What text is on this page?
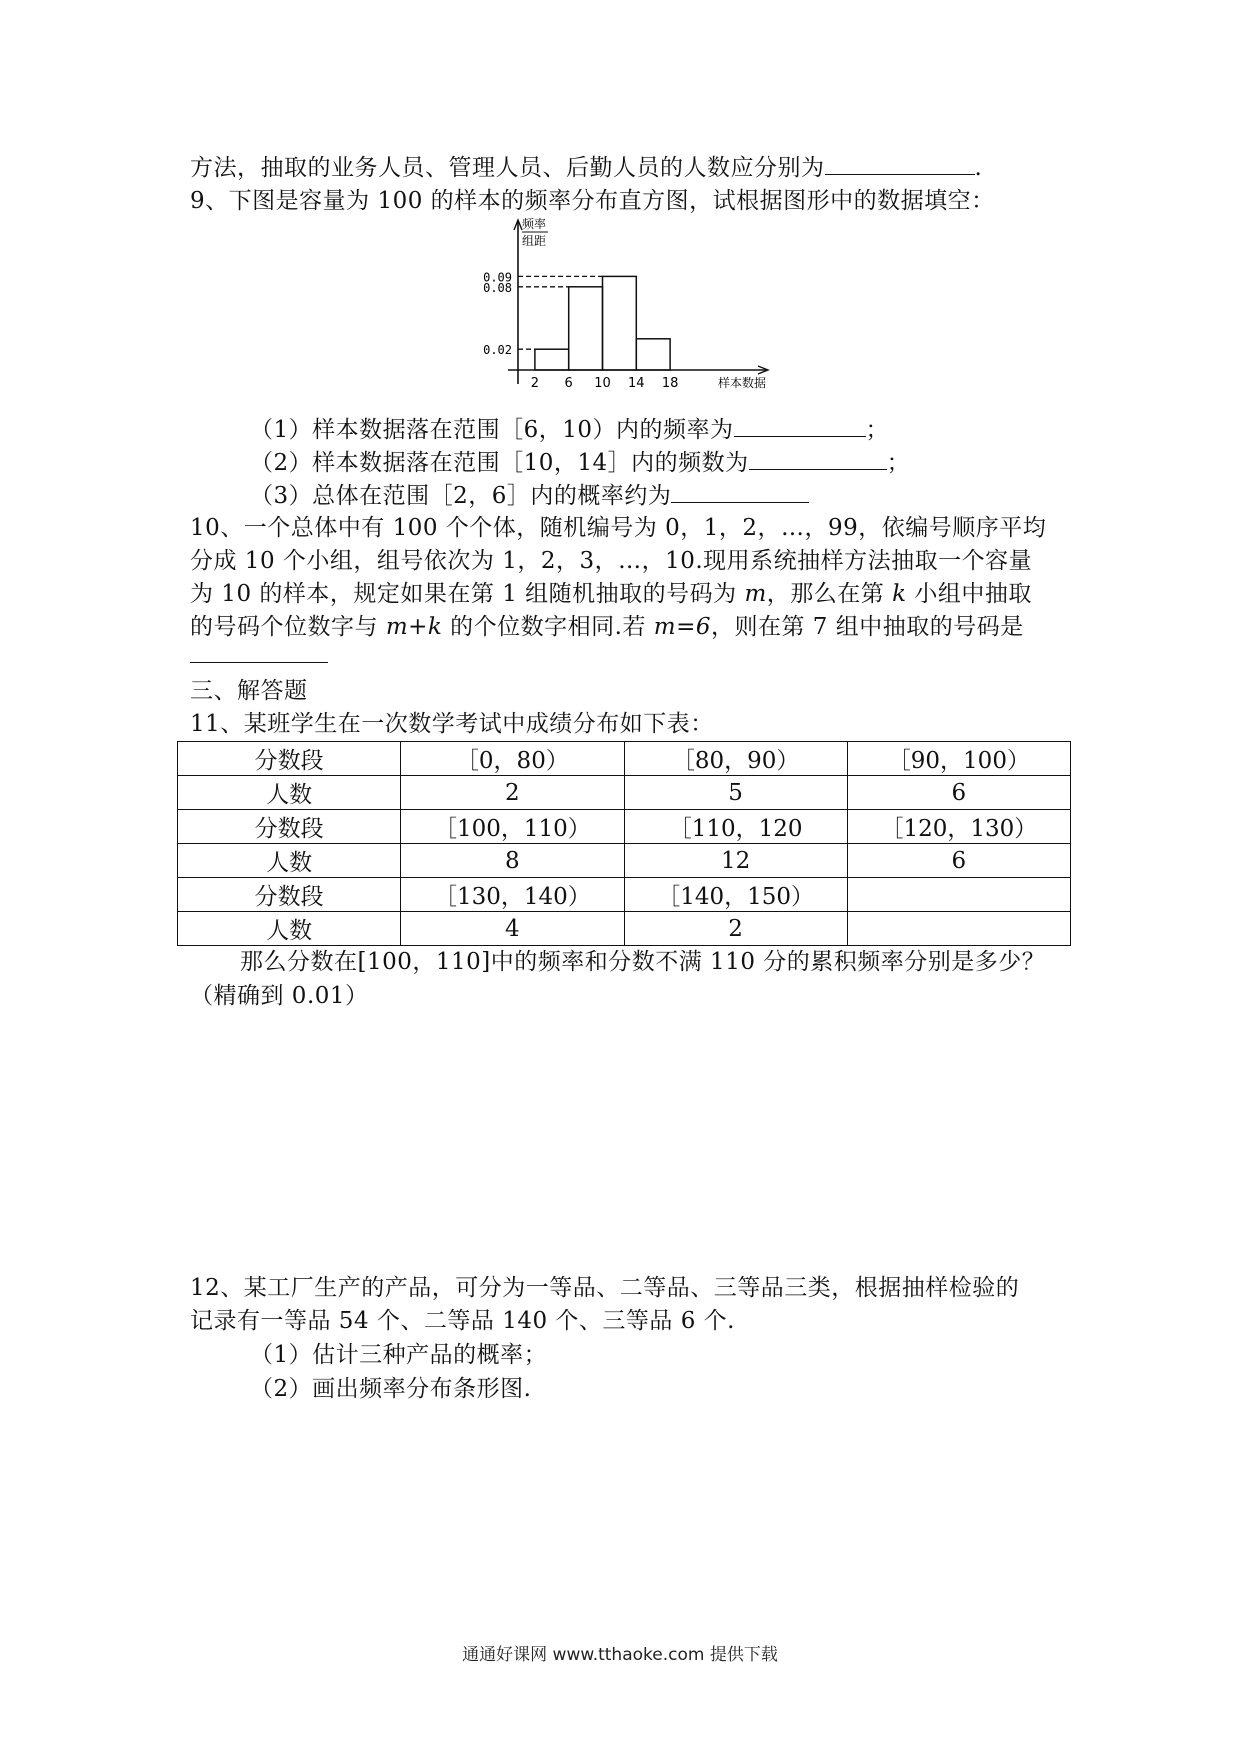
方法，抽取的业务人员、管理人员、后勤人员的人数应分别为	.
9、下图是容量为 100 的样本的频率分布直方图，试根据图形中的数据填空：
0.09
0.08
0.02
2 6 10 14 18
频率
组距
样本数据
（1）样本数据落在范围［6，10）内的频率为	；
（2）样本数据落在范围［10，14］内的频数为	；
（3）总体在范围［2，6］内的概率约为
10、一个总体中有 100 个个体，随机编号为 0，1，2，…，99，依编号顺序平均
分成 10 个小组，组号依次为 1，2，3，…，10.现用系统抽样方法抽取一个容量
为 10 的样本，规定如果在第 1 组随机抽取的号码为 m，那么在第 k 小组中抽取
的号码个位数字与 m+k 的个位数字相同.若 m=6，则在第 7 组中抽取的号码是
三、解答题
11、某班学生在一次数学考试中成绩分布如下表：
分数段	［0，80）	［80，90）	［90，100）
人数	2	5	6
分数段	［100，110）	［110，120	［120，130）
人数	8	12	6
分数段	［130，140）	［140，150）	
人数	4	2	
那么分数在[100，110]中的频率和分数不满 110 分的累积频率分别是多少？
（精确到 0.01）
12、某工厂生产的产品，可分为一等品、二等品、三等品三类，根据抽样检验的
记录有一等品 54 个、二等品 140 个、三等品 6 个.
（1）估计三种产品的概率；
（2）画出频率分布条形图.
通通好课网 www.tthaoke.com 提供下载
